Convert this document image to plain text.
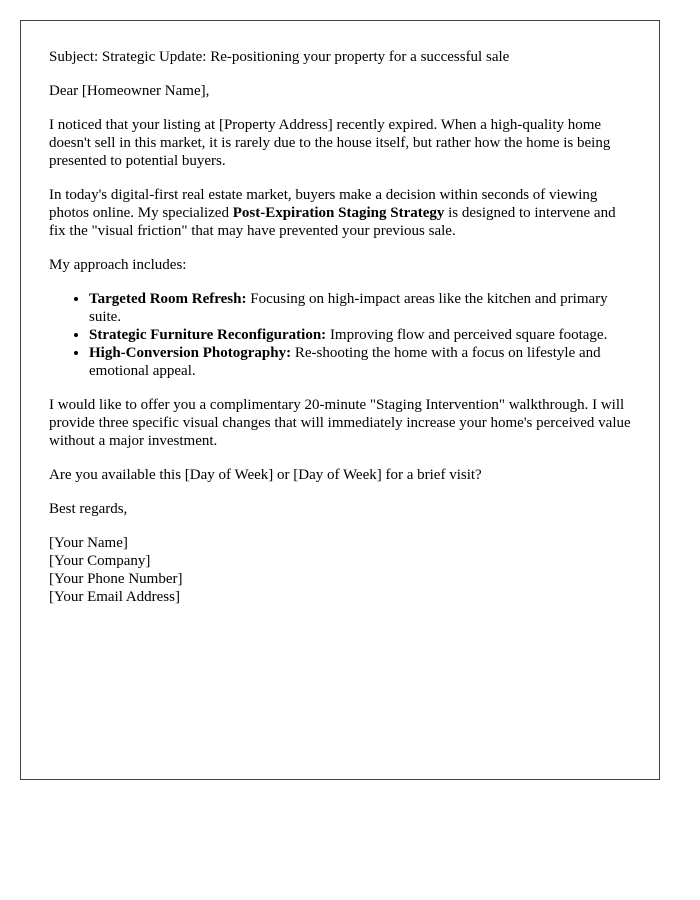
Subject: Strategic Update: Re-positioning your property for a successful sale

Dear [Homeowner Name],

I noticed that your listing at [Property Address] recently expired. When a high-quality home doesn't sell in this market, it is rarely due to the house itself, but rather how the home is being presented to potential buyers.

In today's digital-first real estate market, buyers make a decision within seconds of viewing photos online. My specialized Post-Expiration Staging Strategy is designed to intervene and fix the "visual friction" that may have prevented your previous sale.

My approach includes:

• Targeted Room Refresh: Focusing on high-impact areas like the kitchen and primary suite.
• Strategic Furniture Reconfiguration: Improving flow and perceived square footage.
• High-Conversion Photography: Re-shooting the home with a focus on lifestyle and emotional appeal.

I would like to offer you a complimentary 20-minute "Staging Intervention" walkthrough. I will provide three specific visual changes that will immediately increase your home's perceived value without a major investment.

Are you available this [Day of Week] or [Day of Week] for a brief visit?

Best regards,

[Your Name]
[Your Company]
[Your Phone Number]
[Your Email Address]
